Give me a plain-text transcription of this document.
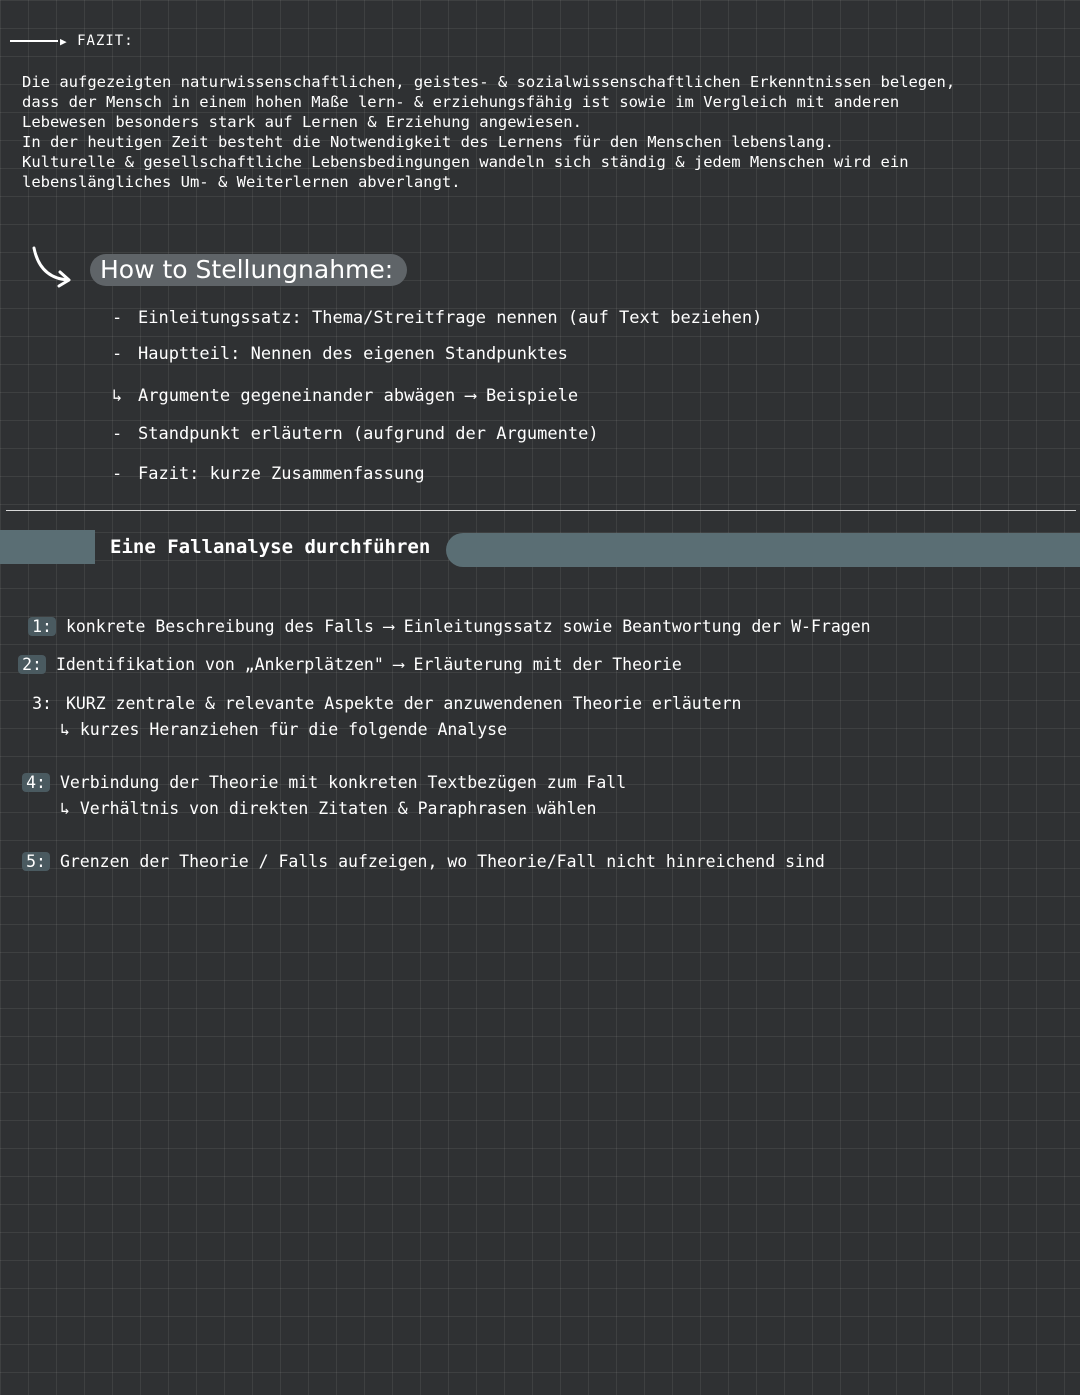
▶ FAZIT:

Die aufgezeigten naturwissenschaftlichen, geistes- & sozialwissenschaftlichen Erkenntnissen belegen,

dass der Mensch in einem hohen Maße lern- & erziehungsfähig ist sowie im Vergleich mit anderen

Lebewesen besonders stark auf Lernen & Erziehung angewiesen.

In der heutigen Zeit besteht die Notwendigkeit des Lernens für den Menschen lebenslang.

Kulturelle & gesellschaftliche Lebensbedingungen wandeln sich ständig & jedem Menschen wird ein

lebenslängliches Um- & Weiterlernen abverlangt.

How to Stellungnahme:
- Einleitungssatz: Thema/Streitfrage nennen (auf Text beziehen)
- Hauptteil: Nennen des eigenen Standpunktes
↳ Argumente gegeneinander abwägen ⟶ Beispiele
- Standpunkt erläutern (aufgrund der Argumente)
- Fazit: kurze Zusammenfassung
Eine Fallanalyse durchführen
1: konkrete Beschreibung des Falls ⟶ Einleitungssatz sowie Beantwortung der W-Fragen
2: Identifikation von „Ankerplätzen" ⟶ Erläuterung mit der Theorie
3: KURZ zentrale & relevante Aspekte der anzuwendenen Theorie erläutern
↳ kurzes Heranziehen für die folgende Analyse
4: Verbindung der Theorie mit konkreten Textbezügen zum Fall
↳ Verhältnis von direkten Zitaten & Paraphrasen wählen
5: Grenzen der Theorie / Falls aufzeigen, wo Theorie/Fall nicht hinreichend sind
